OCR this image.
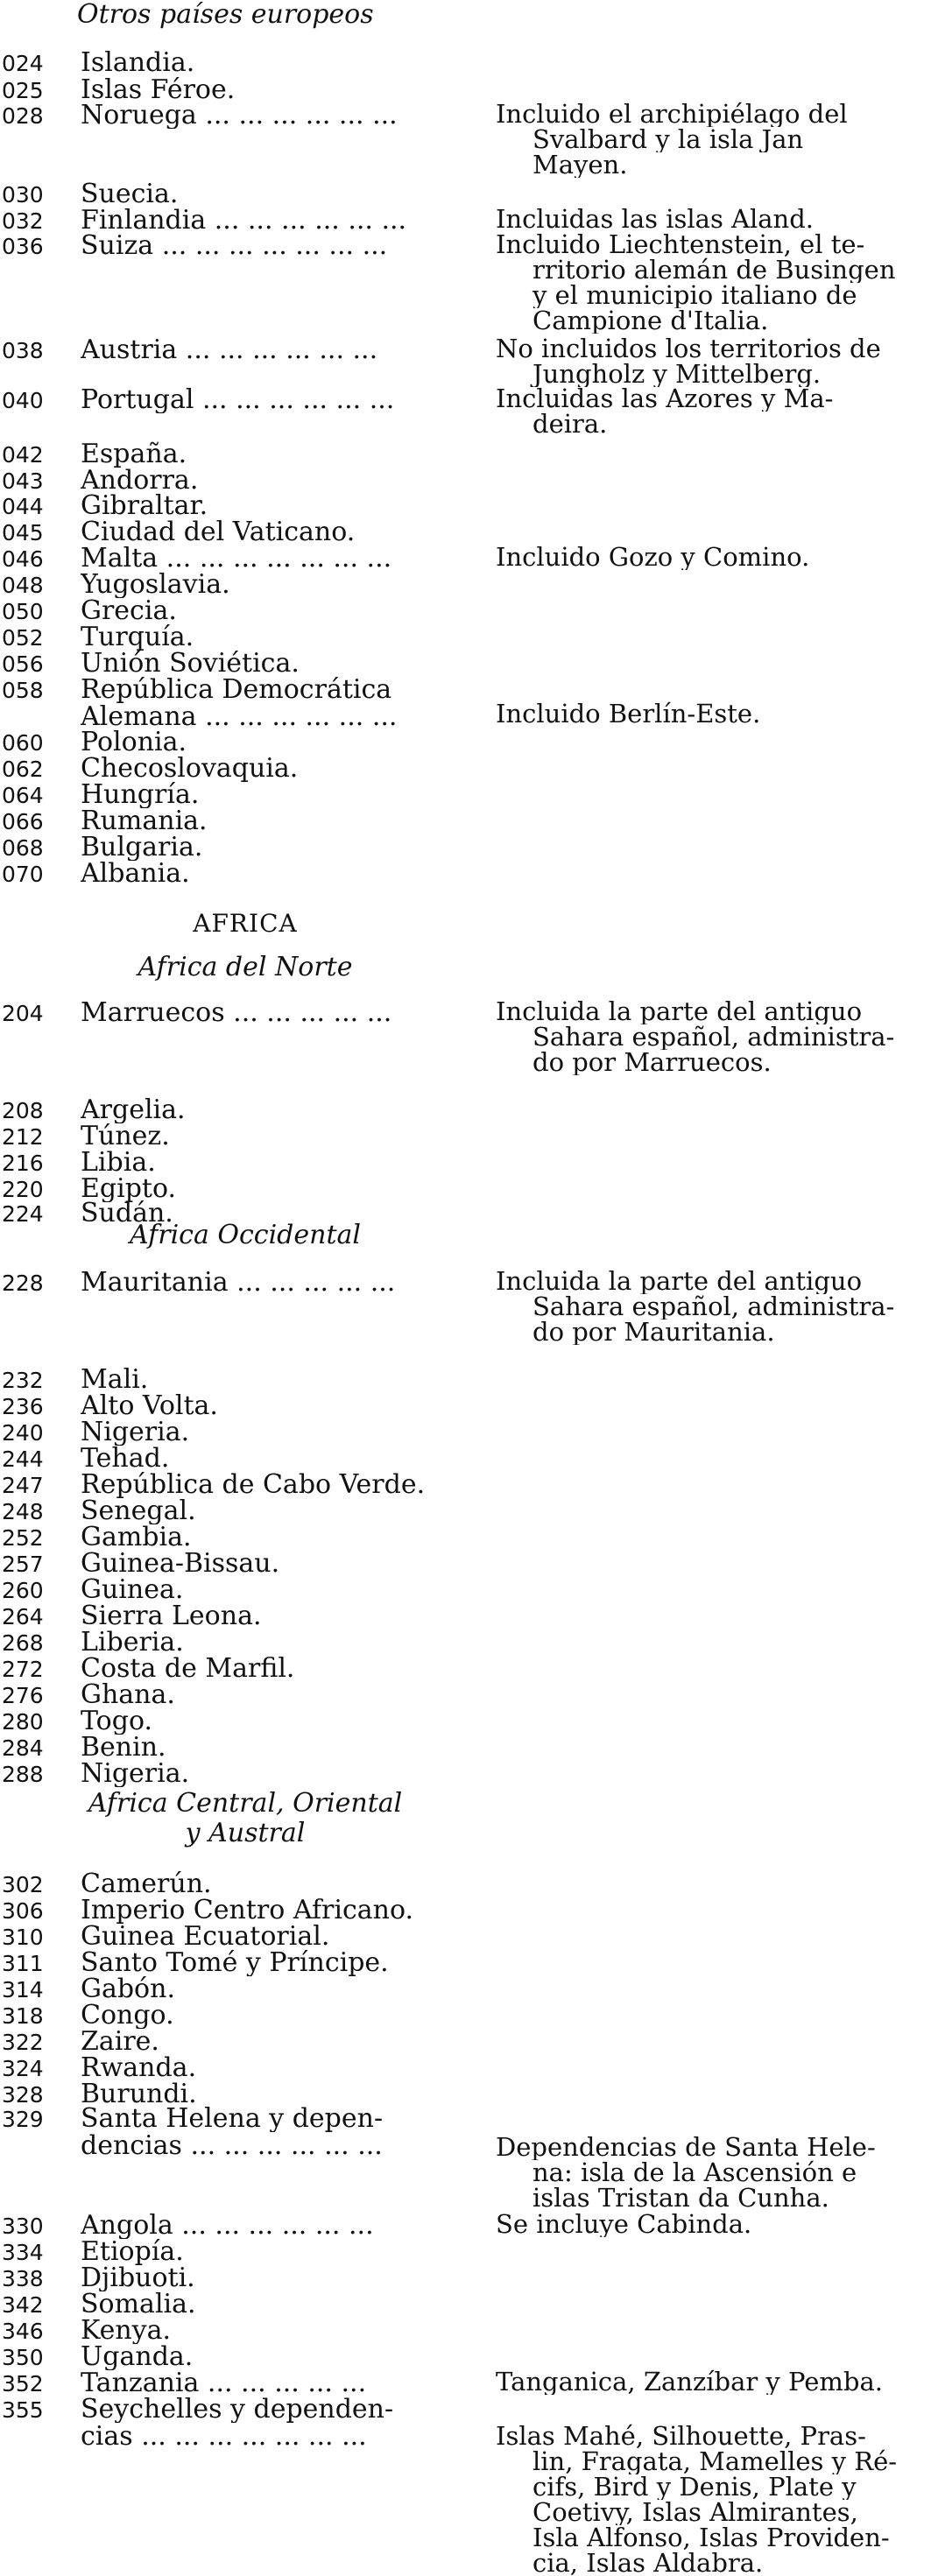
Otros países europeos
AFRICA
Africa del Norte
Africa Occidental
Africa Central, Oriental
y Austral
024	Islandia.
025	Islas Féroe.
028	Noruega ... ... ... ... ... ...	Incluido el archipiélago del
Svalbard y la isla Jan
Mayen.
030	Suecia.
032	Finlandia ... ... ... ... ... ...	Incluidas las islas Aland.
036	Suiza ... ... ... ... ... ... ...	Incluido Liechtenstein, el te-
rritorio alemán de Busingen
y el municipio italiano de
Campione d'Italia.
038	Austria ... ... ... ... ... ...	No incluidos los territorios de
Jungholz y Mittelberg.
040	Portugal ... ... ... ... ... ...	Incluidas las Azores y Ma-
deira.
042	España.
043	Andorra.
044	Gibraltar.
045	Ciudad del Vaticano.
046	Malta ... ... ... ... ... ... ...	Incluido Gozo y Comino.
048	Yugoslavia.
050	Grecia.
052	Turquía.
056	Unión Soviética.
058	República Democrática
Alemana ... ... ... ... ... ...	Incluido Berlín-Este.
060	Polonia.
062	Checoslovaquia.
064	Hungría.
066	Rumania.
068	Bulgaria.
070	Albania.
204	Marruecos ... ... ... ... ...	Incluida la parte del antiguo
Sahara español, administra-
do por Marruecos.
208	Argelia.
212	Túnez.
216	Libia.
220	Egipto.
224	Sudán.
228	Mauritania ... ... ... ... ...	Incluida la parte del antiguo
Sahara español, administra-
do por Mauritania.
232	Mali.
236	Alto Volta.
240	Nigeria.
244	Tehad.
247	República de Cabo Verde.
248	Senegal.
252	Gambia.
257	Guinea-Bissau.
260	Guinea.
264	Sierra Leona.
268	Liberia.
272	Costa de Marfil.
276	Ghana.
280	Togo.
284	Benin.
288	Nigeria.
302	Camerún.
306	Imperio Centro Africano.
310	Guinea Ecuatorial.
311	Santo Tomé y Príncipe.
314	Gabón.
318	Congo.
322	Zaire.
324	Rwanda.
328	Burundi.
329	Santa Helena y depen-
dencias ... ... ... ... ... ...	Dependencias de Santa Hele-
na: isla de la Ascensión e
islas Tristan da Cunha.
330	Angola ... ... ... ... ... ...	Se incluye Cabinda.
334	Etiopía.
338	Djibuoti.
342	Somalia.
346	Kenya.
350	Uganda.
352	Tanzania ... ... ... ... ...	Tanganica, Zanzíbar y Pemba.
355	Seychelles y dependen-
cias ... ... ... ... ... ... ...	Islas Mahé, Silhouette, Pras-
lin, Fragata, Mamelles y Ré-
cifs, Bird y Denis, Plate y
Coetivy, Islas Almirantes,
Isla Alfonso, Islas Providen-
cia, Islas Aldabra.
